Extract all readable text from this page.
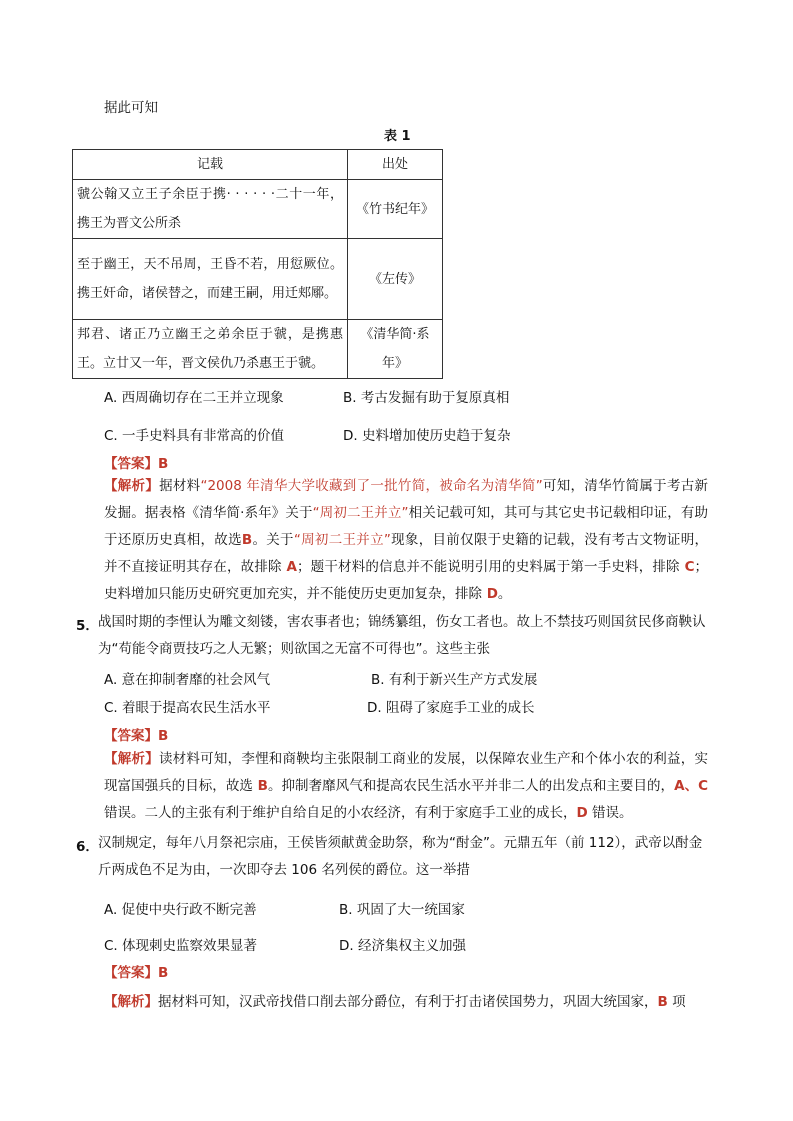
据此可知
表 1
记载	出处
虢公翰又立王子余臣于携· · · · · ·二十一年，携王为晋文公所杀	《竹书纪年》
至于幽王，天不吊周，王昏不若，用愆厥位。携王奸命，诸侯替之，而建王嗣，用迁郏鄏。	《左传》
邦君、诸正乃立幽王之弟余臣于虢，是携惠王。立廿又一年，晋文侯仇乃杀惠王于虢。	《清华简·系年》
A. 西周确切存在二王并立现象	B. 考古发掘有助于复原真相
C. 一手史料具有非常高的价值	D. 史料增加使历史趋于复杂
【答案】B
【解析】据材料“2008 年清华大学收藏到了一批竹简，被命名为清华简”可知，清华竹简属于考古新发掘。据表格《清华简·系年》关于“周初二王并立”相关记载可知，其可与其它史书记载相印证，有助于还原历史真相，故选B。关于“周初二王并立”现象，目前仅限于史籍的记载，没有考古文物证明，并不直接证明其存在，故排除 A；题干材料的信息并不能说明引用的史料属于第一手史料，排除 C；史料增加只能历史研究更加充实，并不能使历史更加复杂，排除 D。
5． 战国时期的李悝认为雕文刻镂，害农事者也；锦绣纂组，伤女工者也。故上不禁技巧则国贫民侈商鞅认为“苟能令商贾技巧之人无繁；则欲国之无富不可得也”。这些主张
A. 意在抑制奢靡的社会风气	B. 有利于新兴生产方式发展
C. 着眼于提高农民生活水平	D. 阻碍了家庭手工业的成长
【答案】B
【解析】读材料可知，李悝和商鞅均主张限制工商业的发展，以保障农业生产和个体小农的利益，实现富国强兵的目标，故选 B。抑制奢靡风气和提高农民生活水平并非二人的出发点和主要目的，A、C错误。二人的主张有利于维护自给自足的小农经济，有利于家庭手工业的成长，D 错误。
6． 汉制规定，每年八月祭祀宗庙，王侯皆须献黄金助祭，称为“酎金”。元鼎五年（前 112），武帝以酎金斤两成色不足为由，一次即夺去 106 名列侯的爵位。这一举措
A. 促使中央行政不断完善	B. 巩固了大一统国家
C. 体现刺史监察效果显著	D. 经济集权主义加强
【答案】B
【解析】据材料可知，汉武帝找借口削去部分爵位，有利于打击诸侯国势力，巩固大统国家，B 项
